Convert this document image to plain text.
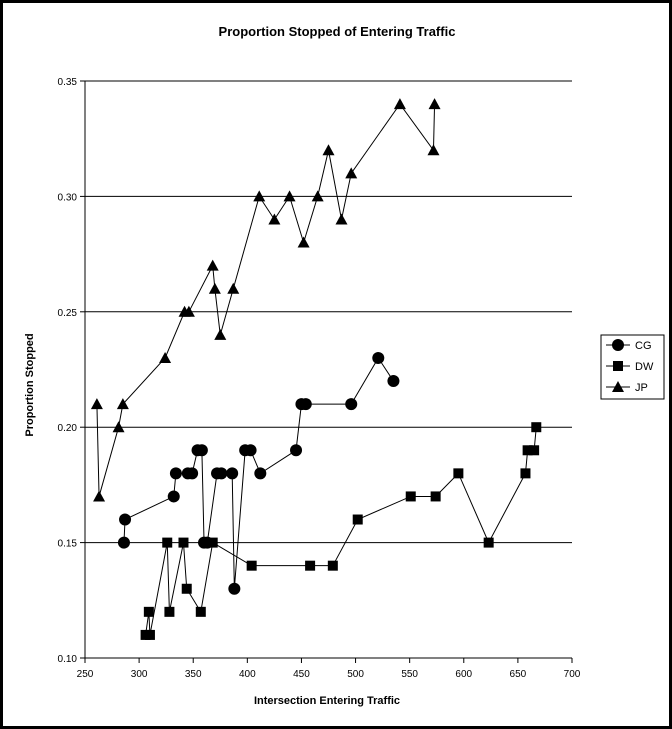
Proportion Stopped of Entering Traffic
0.10
0.15
0.20
0.25
0.30
0.35
250	300	350	400	450	500	550	600	650	700
Intersection Entering Traffic
Proportion Stopped	CG
DW
JP
